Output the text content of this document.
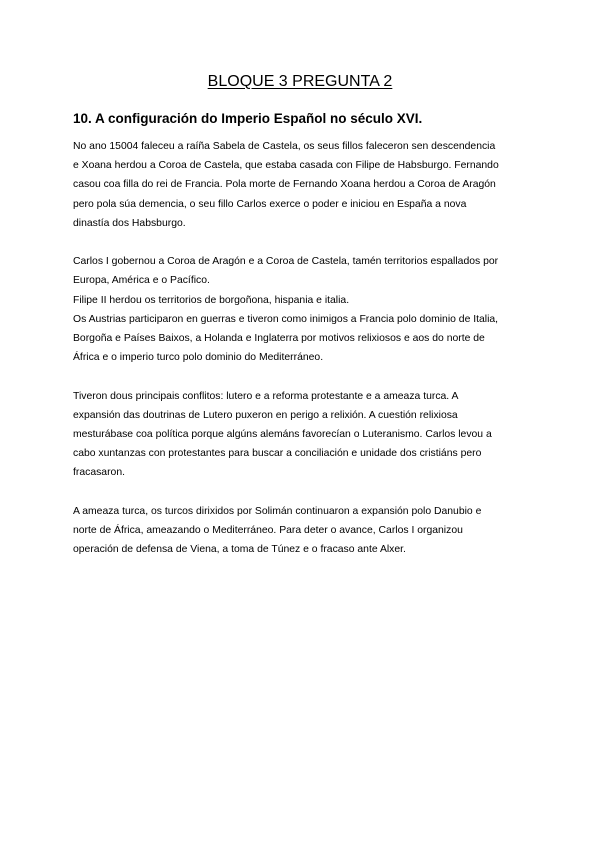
BLOQUE 3 PREGUNTA 2
10. A configuración do Imperio Español no século XVI.

No ano 15004 faleceu a raíña Sabela de Castela, os seus fillos faleceron sen descendencia
e Xoana herdou a Coroa de Castela, que estaba casada con Filipe de Habsburgo. Fernando
casou coa filla do rei de Francia. Pola morte de Fernando Xoana herdou a Coroa de Aragón
pero pola súa demencia, o seu fillo Carlos exerce o poder e iniciou en España a nova
dinastía dos Habsburgo.

Carlos I gobernou a Coroa de Aragón e a Coroa de Castela, tamén territorios espallados por
Europa, América e o Pacífico.
Filipe II herdou os territorios de borgoñona, hispania e italia.
Os Austrias participaron en guerras e tiveron como inimigos a Francia polo dominio de Italia,
Borgoña e Países Baixos, a Holanda e Inglaterra por motivos relixiosos e aos do norte de
África e o imperio turco polo dominio do Mediterráneo.

Tiveron dous principais conflitos: lutero e a reforma protestante e a ameaza turca. A
expansión das doutrinas de Lutero puxeron en perigo a relixión. A cuestión relixiosa
mesturábase coa política porque algúns alemáns favorecían o Luteranismo. Carlos levou a
cabo xuntanzas con protestantes para buscar a conciliación e unidade dos cristiáns pero
fracasaron.

A ameaza turca, os turcos dirixidos por Solimán continuaron a expansión polo Danubio e
norte de África, ameazando o Mediterráneo. Para deter o avance, Carlos I organizou
operación de defensa de Viena, a toma de Túnez e o fracaso ante Alxer.
